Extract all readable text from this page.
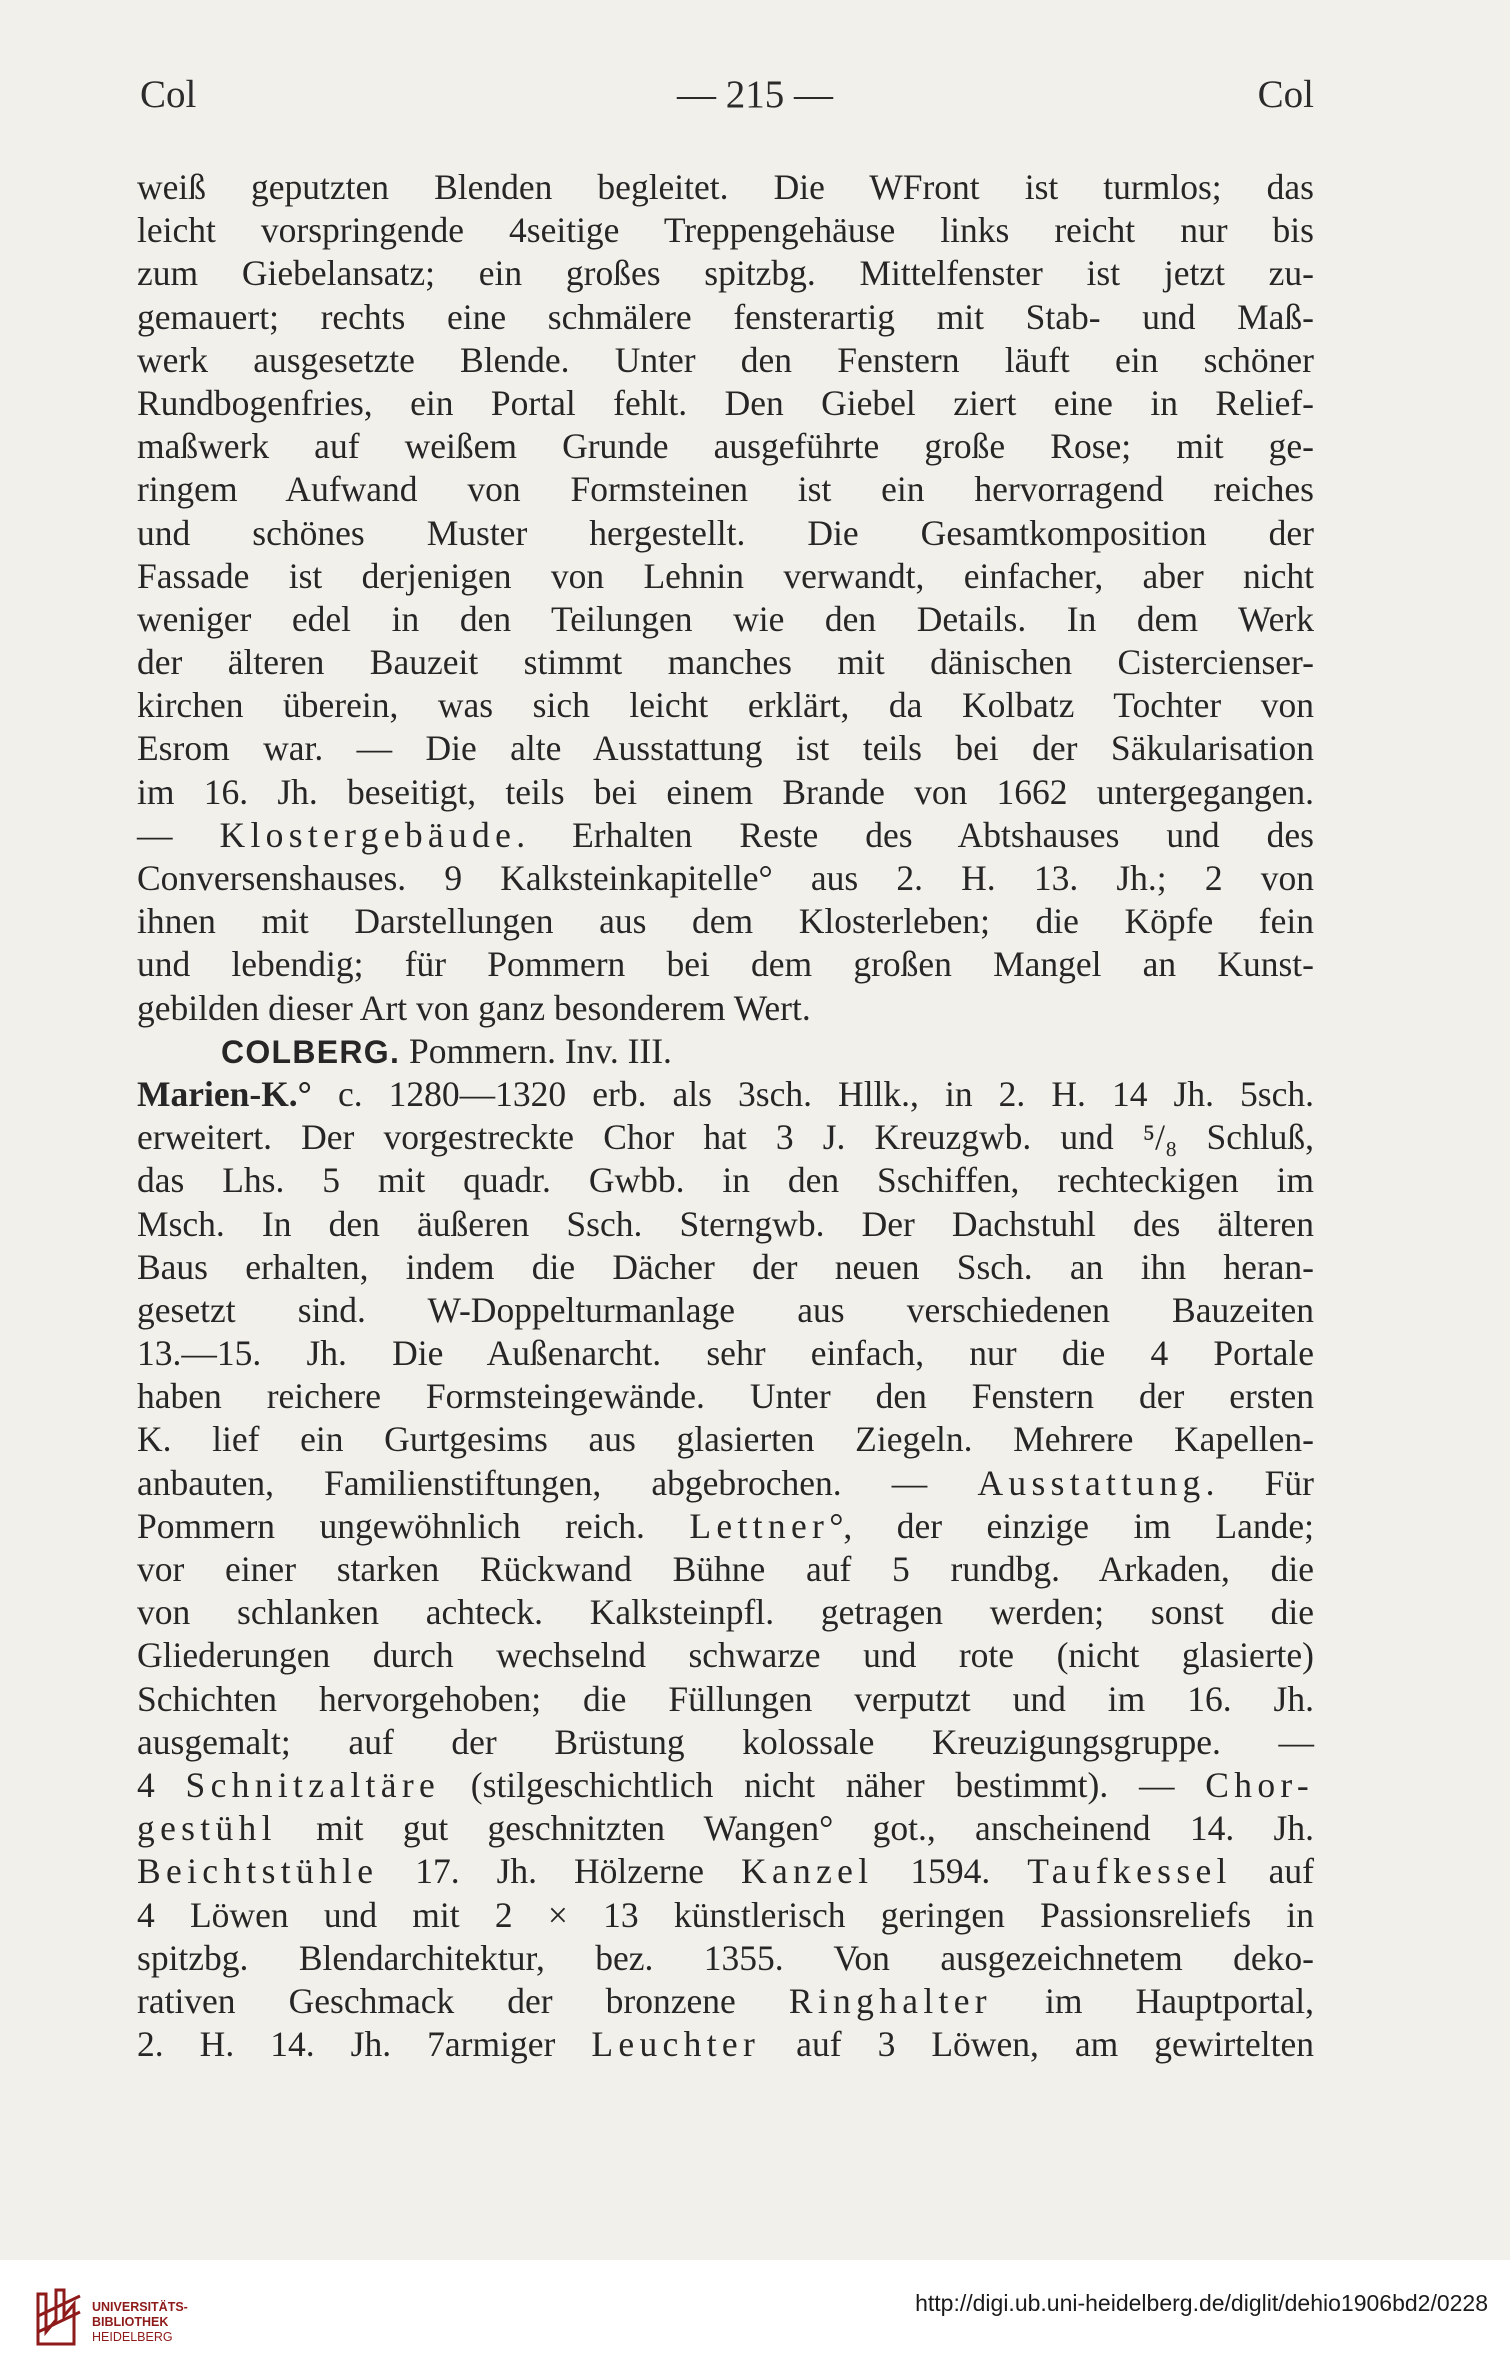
Col	— 215 —	Col
weiß geputzten Blenden begleitet. Die WFront ist turmlos; das
leicht vorspringende 4seitige Treppengehäuse links reicht nur bis
zum Giebelansatz; ein großes spitzbg. Mittelfenster ist jetzt zu-
gemauert; rechts eine schmälere fensterartig mit Stab- und Maß-
werk ausgesetzte Blende. Unter den Fenstern läuft ein schöner
Rundbogenfries, ein Portal fehlt. Den Giebel ziert eine in Relief-
maßwerk auf weißem Grunde ausgeführte große Rose; mit ge-
ringem Aufwand von Formsteinen ist ein hervorragend reiches
und schönes Muster hergestellt. Die Gesamtkomposition der
Fassade ist derjenigen von Lehnin verwandt, einfacher, aber nicht
weniger edel in den Teilungen wie den Details. In dem Werk
der älteren Bauzeit stimmt manches mit dänischen Cistercienser-
kirchen überein, was sich leicht erklärt, da Kolbatz Tochter von
Esrom war. — Die alte Ausstattung ist teils bei der Säkularisation
im 16. Jh. beseitigt, teils bei einem Brande von 1662 untergegangen.
— Klostergebäude. Erhalten Reste des Abtshauses und des
Conversenshauses. 9 Kalksteinkapitelle° aus 2. H. 13. Jh.; 2 von
ihnen mit Darstellungen aus dem Klosterleben; die Köpfe fein
und lebendig; für Pommern bei dem großen Mangel an Kunst-
gebilden dieser Art von ganz besonderem Wert.
COLBERG. Pommern. Inv. III.
Marien-K.° c. 1280—1320 erb. als 3sch. Hllk., in 2. H. 14 Jh. 5sch.
erweitert. Der vorgestreckte Chor hat 3 J. Kreuzgwb. und ⁵/₈ Schluß,
das Lhs. 5 mit quadr. Gwbb. in den Sschiffen, rechteckigen im
Msch. In den äußeren Ssch. Sterngwb. Der Dachstuhl des älteren
Baus erhalten, indem die Dächer der neuen Ssch. an ihn heran-
gesetzt sind. W-Doppelturmanlage aus verschiedenen Bauzeiten
13.—15. Jh. Die Außenarcht. sehr einfach, nur die 4 Portale
haben reichere Formsteingewände. Unter den Fenstern der ersten
K. lief ein Gurtgesims aus glasierten Ziegeln. Mehrere Kapellen-
anbauten, Familienstiftungen, abgebrochen. — Ausstattung. Für
Pommern ungewöhnlich reich. Lettner°, der einzige im Lande;
vor einer starken Rückwand Bühne auf 5 rundbg. Arkaden, die
von schlanken achteck. Kalksteinpfl. getragen werden; sonst die
Gliederungen durch wechselnd schwarze und rote (nicht glasierte)
Schichten hervorgehoben; die Füllungen verputzt und im 16. Jh.
ausgemalt; auf der Brüstung kolossale Kreuzigungsgruppe. —
4 Schnitzaltäre (stilgeschichtlich nicht näher bestimmt). — Chor-
gestühl mit gut geschnitzten Wangen° got., anscheinend 14. Jh.
Beichtstühle 17. Jh. Hölzerne Kanzel 1594. Taufkessel auf
4 Löwen und mit 2 × 13 künstlerisch geringen Passionsreliefs in
spitzbg. Blendarchitektur, bez. 1355. Von ausgezeichnetem deko-
rativen Geschmack der bronzene Ringhalter im Hauptportal,
2. H. 14. Jh. 7armiger Leuchter auf 3 Löwen, am gewirtelten
UNIVERSITÄTS-
BIBLIOTHEK
HEIDELBERG
http://digi.ub.uni-heidelberg.de/diglit/dehio1906bd2/0228
